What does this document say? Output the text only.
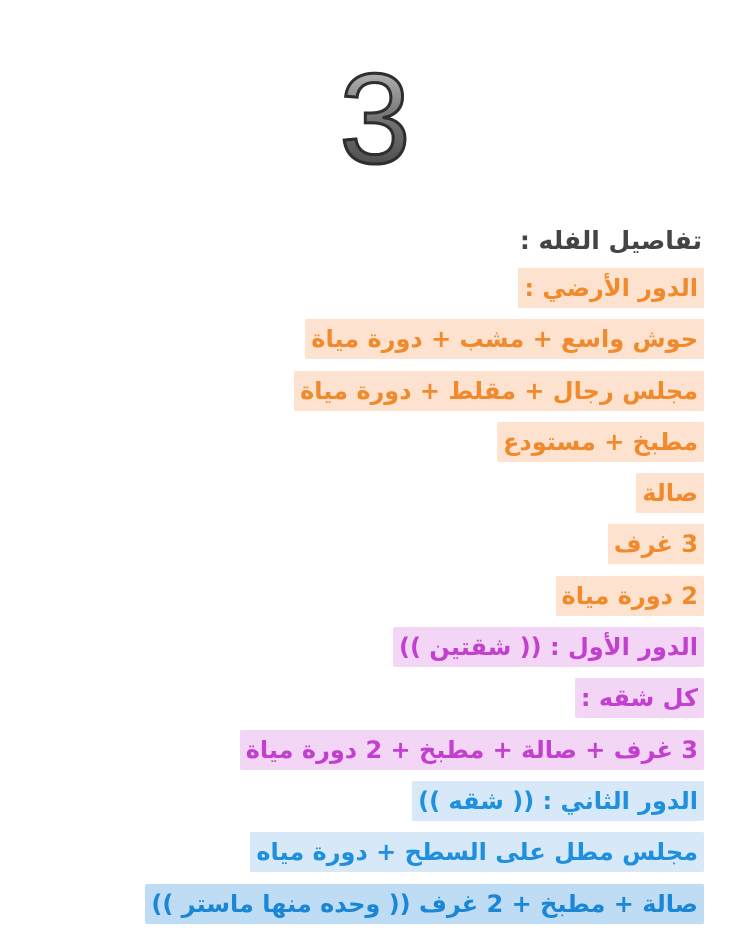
3
تفاصيل الفله :
الدور الأرضي :
حوش واسع + مشب + دورة مياة
مجلس رجال + مقلط + دورة مياة
مطبخ + مستودع
صالة
3 غرف
2 دورة مياة
الدور الأول : (( شقتين ))
كل شقه :
3 غرف + صالة + مطبخ + 2 دورة مياة
الدور الثاني : (( شقه ))
مجلس مطل على السطح + دورة مياه
صالة + مطبخ + 2 غرف (( وحده منها ماستر ))
